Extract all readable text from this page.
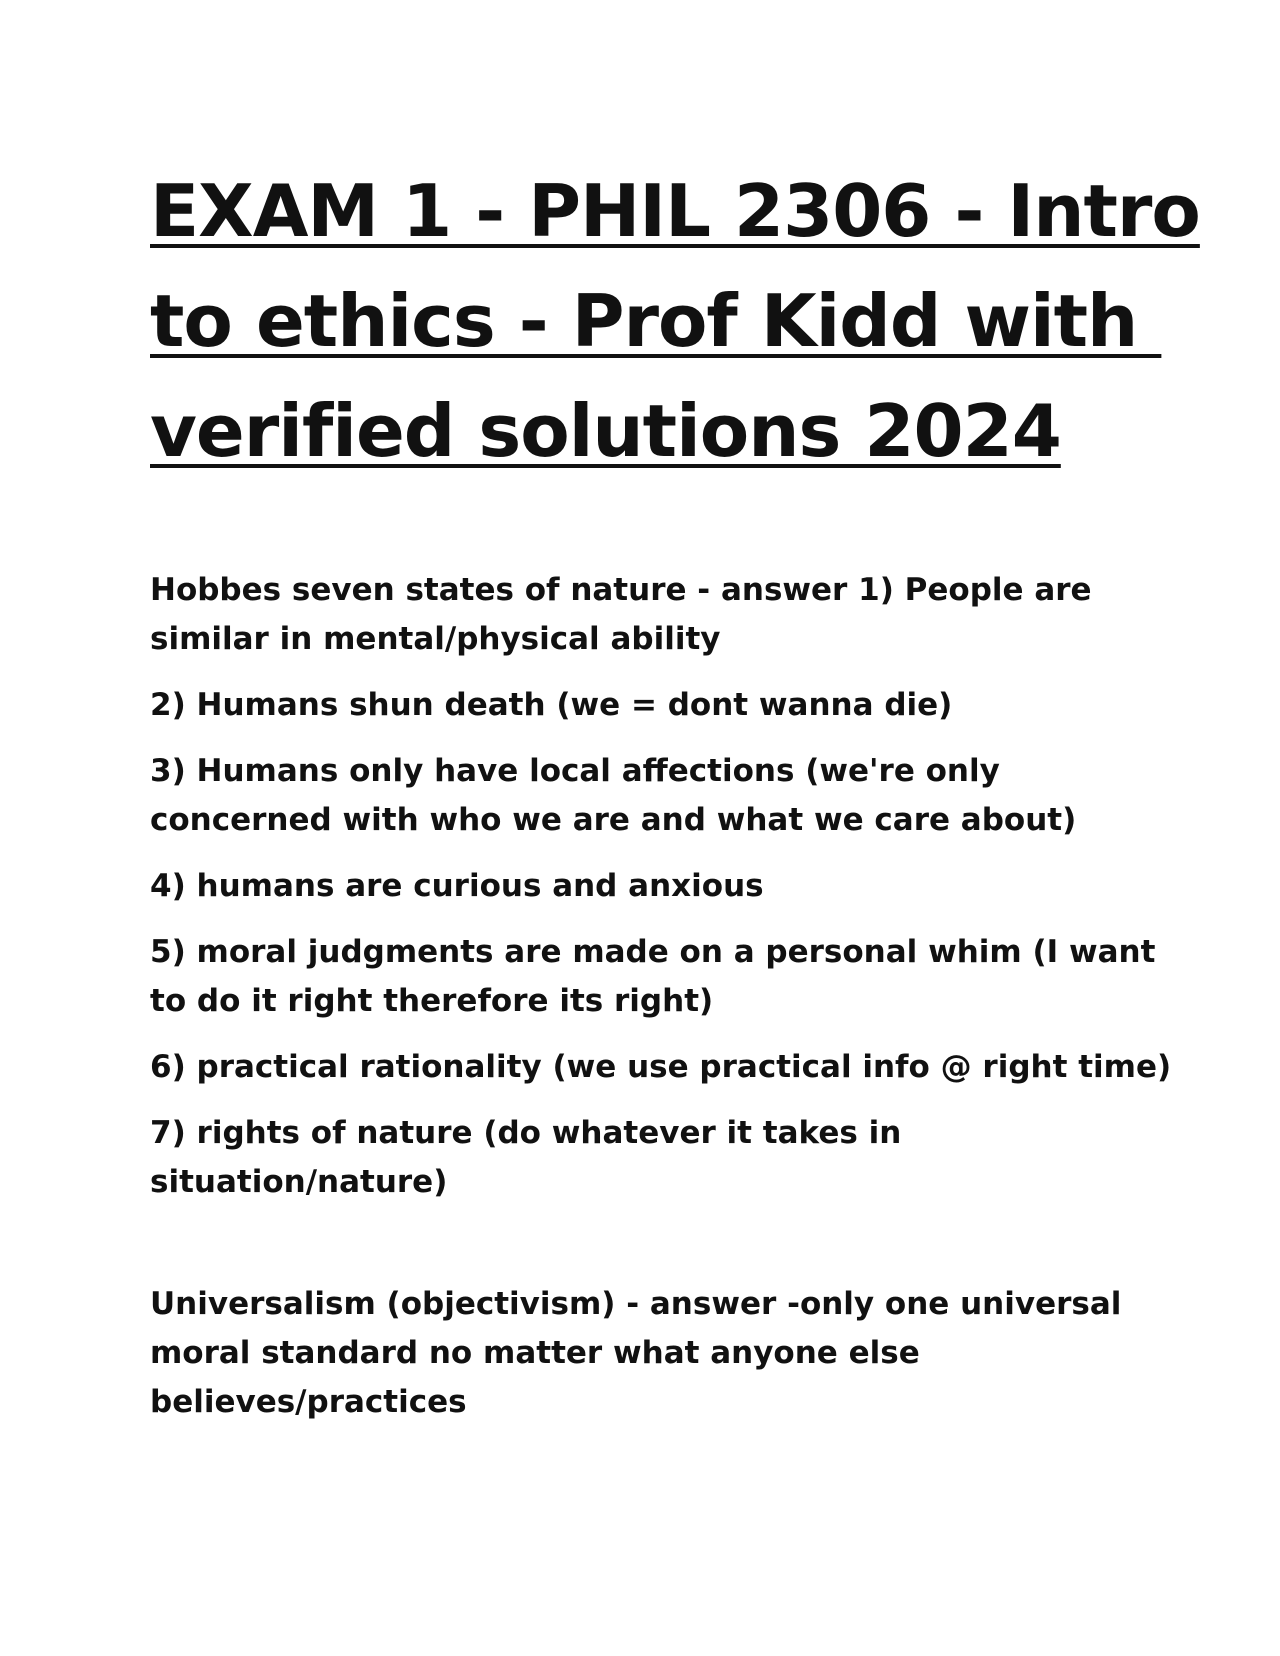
EXAM 1 - PHIL 2306 - Intro
to ethics - Prof Kidd with
verified solutions 2024

Hobbes seven states of nature - answer 1) People are
similar in mental/physical ability

2) Humans shun death (we = dont wanna die)

3) Humans only have local affections (we're only
concerned with who we are and what we care about)

4) humans are curious and anxious

5) moral judgments are made on a personal whim (I want
to do it right therefore its right)

6) practical rationality (we use practical info @ right time)

7) rights of nature (do whatever it takes in
situation/nature)

Universalism (objectivism) - answer -only one universal
moral standard no matter what anyone else
believes/practices
